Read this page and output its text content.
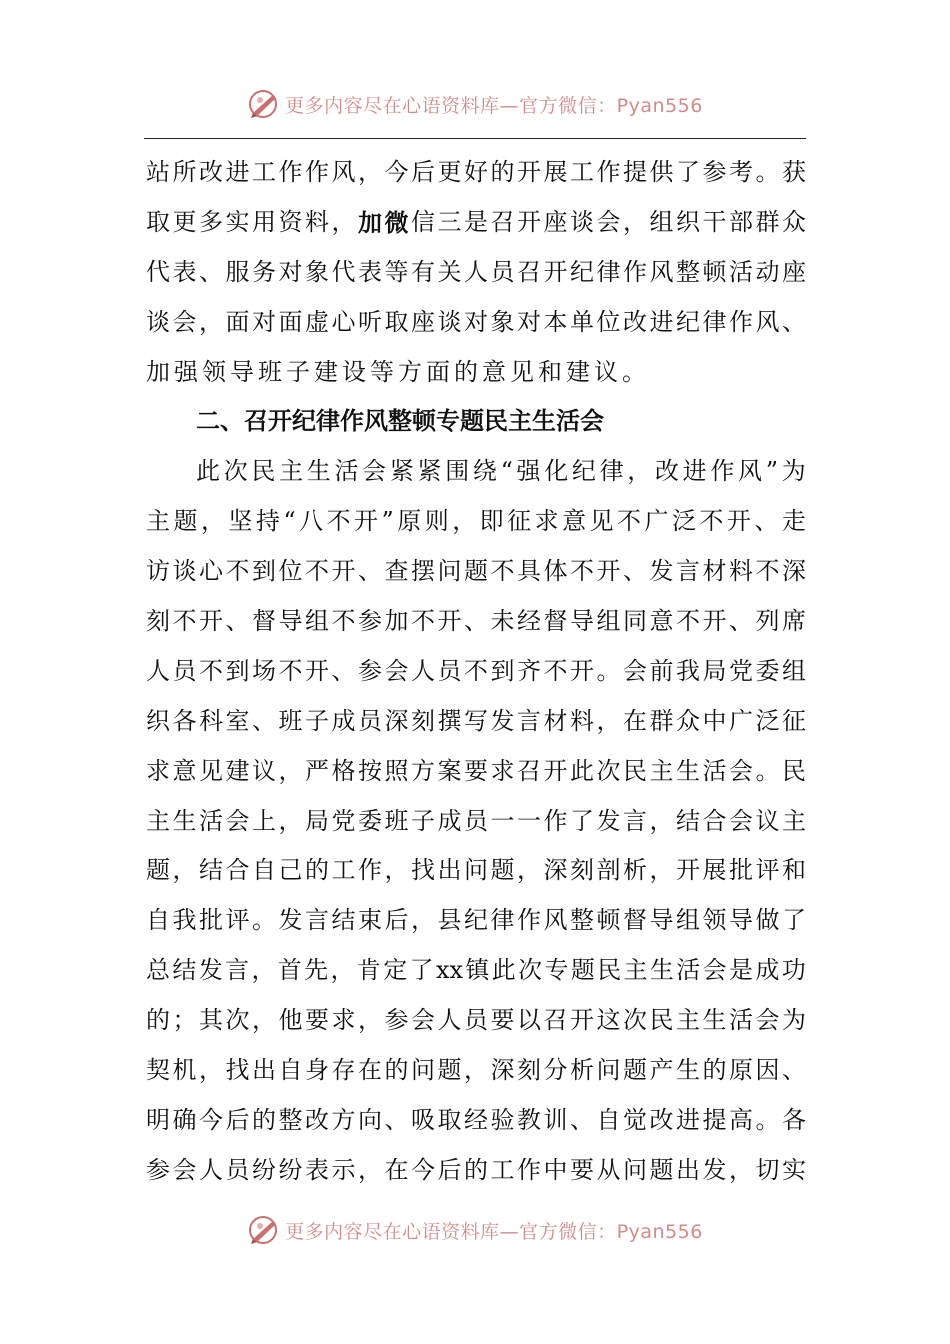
更多内容尽在心语资料库—官方微信：Pyan556
站 所 改 进 工 作 作 风 ， 今 后 更 好 的 开 展 工 作 提 供 了 参 考 。 获
取 更 多 实 用 资 料 ， 加 微 信 三 是 召 开 座 谈 会 ， 组 织 干 部 群 众
代 表 、 服 务 对 象 代 表 等 有 关 人 员 召 开 纪 律 作 风 整 顿 活 动 座
谈 会 ， 面 对 面 虚 心 听 取 座 谈 对 象 对 本 单 位 改 进 纪 律 作 风 、
加 强 领 导 班 子 建 设 等 方 面 的 意 见 和 建 议 。
二、召开纪律作风整顿专题民主生活会
此 次 民 主 生 活 会 紧 紧 围 绕 “ 强 化 纪 律 ， 改 进 作 风 ” 为
主 题 ， 坚 持 “ 八 不 开 ” 原 则 ， 即 征 求 意 见 不 广 泛 不 开 、 走
访 谈 心 不 到 位 不 开 、 查 摆 问 题 不 具 体 不 开 、 发 言 材 料 不 深
刻 不 开 、 督 导 组 不 参 加 不 开 、 未 经 督 导 组 同 意 不 开 、 列 席
人 员 不 到 场 不 开 、 参 会 人 员 不 到 齐 不 开 。 会 前 我 局 党 委 组
织 各 科 室 、 班 子 成 员 深 刻 撰 写 发 言 材 料 ， 在 群 众 中 广 泛 征
求 意 见 建 议 ， 严 格 按 照 方 案 要 求 召 开 此 次 民 主 生 活 会 。 民
主 生 活 会 上 ， 局 党 委 班 子 成 员 一 一 作 了 发 言 ， 结 合 会 议 主
题 ， 结 合 自 己 的 工 作 ， 找 出 问 题 ， 深 刻 剖 析 ， 开 展 批 评 和
自 我 批 评 。 发 言 结 束 后 ， 县 纪 律 作 风 整 顿 督 导 组 领 导 做 了
总 结 发 言 ， 首 先 ， 肯 定 了 xx 镇 此 次 专 题 民 主 生 活 会 是 成 功
的 ； 其 次 ， 他 要 求 ， 参 会 人 员 要 以 召 开 这 次 民 主 生 活 会 为
契 机 ， 找 出 自 身 存 在 的 问 题 ， 深 刻 分 析 问 题 产 生 的 原 因 、
明 确 今 后 的 整 改 方 向 、 吸 取 经 验 教 训 、 自 觉 改 进 提 高 。 各
参 会 人 员 纷 纷 表 示 ， 在 今 后 的 工 作 中 要 从 问 题 出 发 ， 切 实
更多内容尽在心语资料库—官方微信：Pyan556
